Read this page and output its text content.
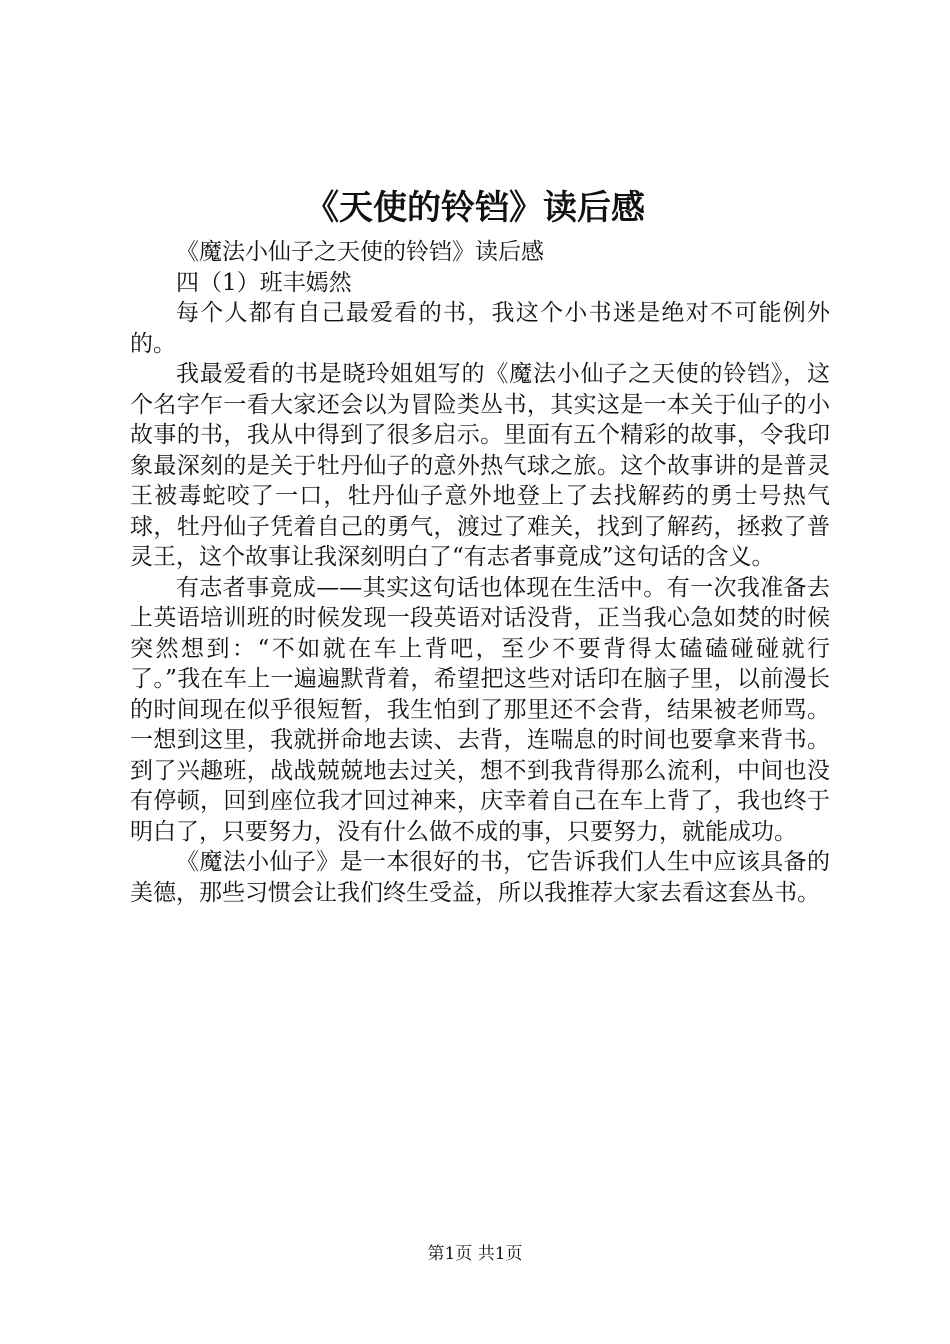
《天使的铃铛》读后感

《魔法小仙子之天使的铃铛》读后感

四（1）班丰嫣然

每个人都有自己最爱看的书，我这个小书迷是绝对不可能例外的。

我最爱看的书是晓玲姐姐写的《魔法小仙子之天使的铃铛》，这个名字乍一看大家还会以为冒险类丛书，其实这是一本关于仙子的小故事的书，我从中得到了很多启示。里面有五个精彩的故事，令我印象最深刻的是关于牡丹仙子的意外热气球之旅。这个故事讲的是普灵王被毒蛇咬了一口，牡丹仙子意外地登上了去找解药的勇士号热气球，牡丹仙子凭着自己的勇气，渡过了难关，找到了解药，拯救了普灵王，这个故事让我深刻明白了“有志者事竟成”这句话的含义。

有志者事竟成——其实这句话也体现在生活中。有一次我准备去上英语培训班的时候发现一段英语对话没背，正当我心急如焚的时候突然想到：“不如就在车上背吧，至少不要背得太磕磕碰碰就行了。”我在车上一遍遍默背着，希望把这些对话印在脑子里，以前漫长的时间现在似乎很短暂，我生怕到了那里还不会背，结果被老师骂。一想到这里，我就拼命地去读、去背，连喘息的时间也要拿来背书。到了兴趣班，战战兢兢地去过关，想不到我背得那么流利，中间也没有停顿，回到座位我才回过神来，庆幸着自己在车上背了，我也终于明白了，只要努力，没有什么做不成的事，只要努力，就能成功。

《魔法小仙子》是一本很好的书，它告诉我们人生中应该具备的美德，那些习惯会让我们终生受益，所以我推荐大家去看这套丛书。

第1页 共1页
